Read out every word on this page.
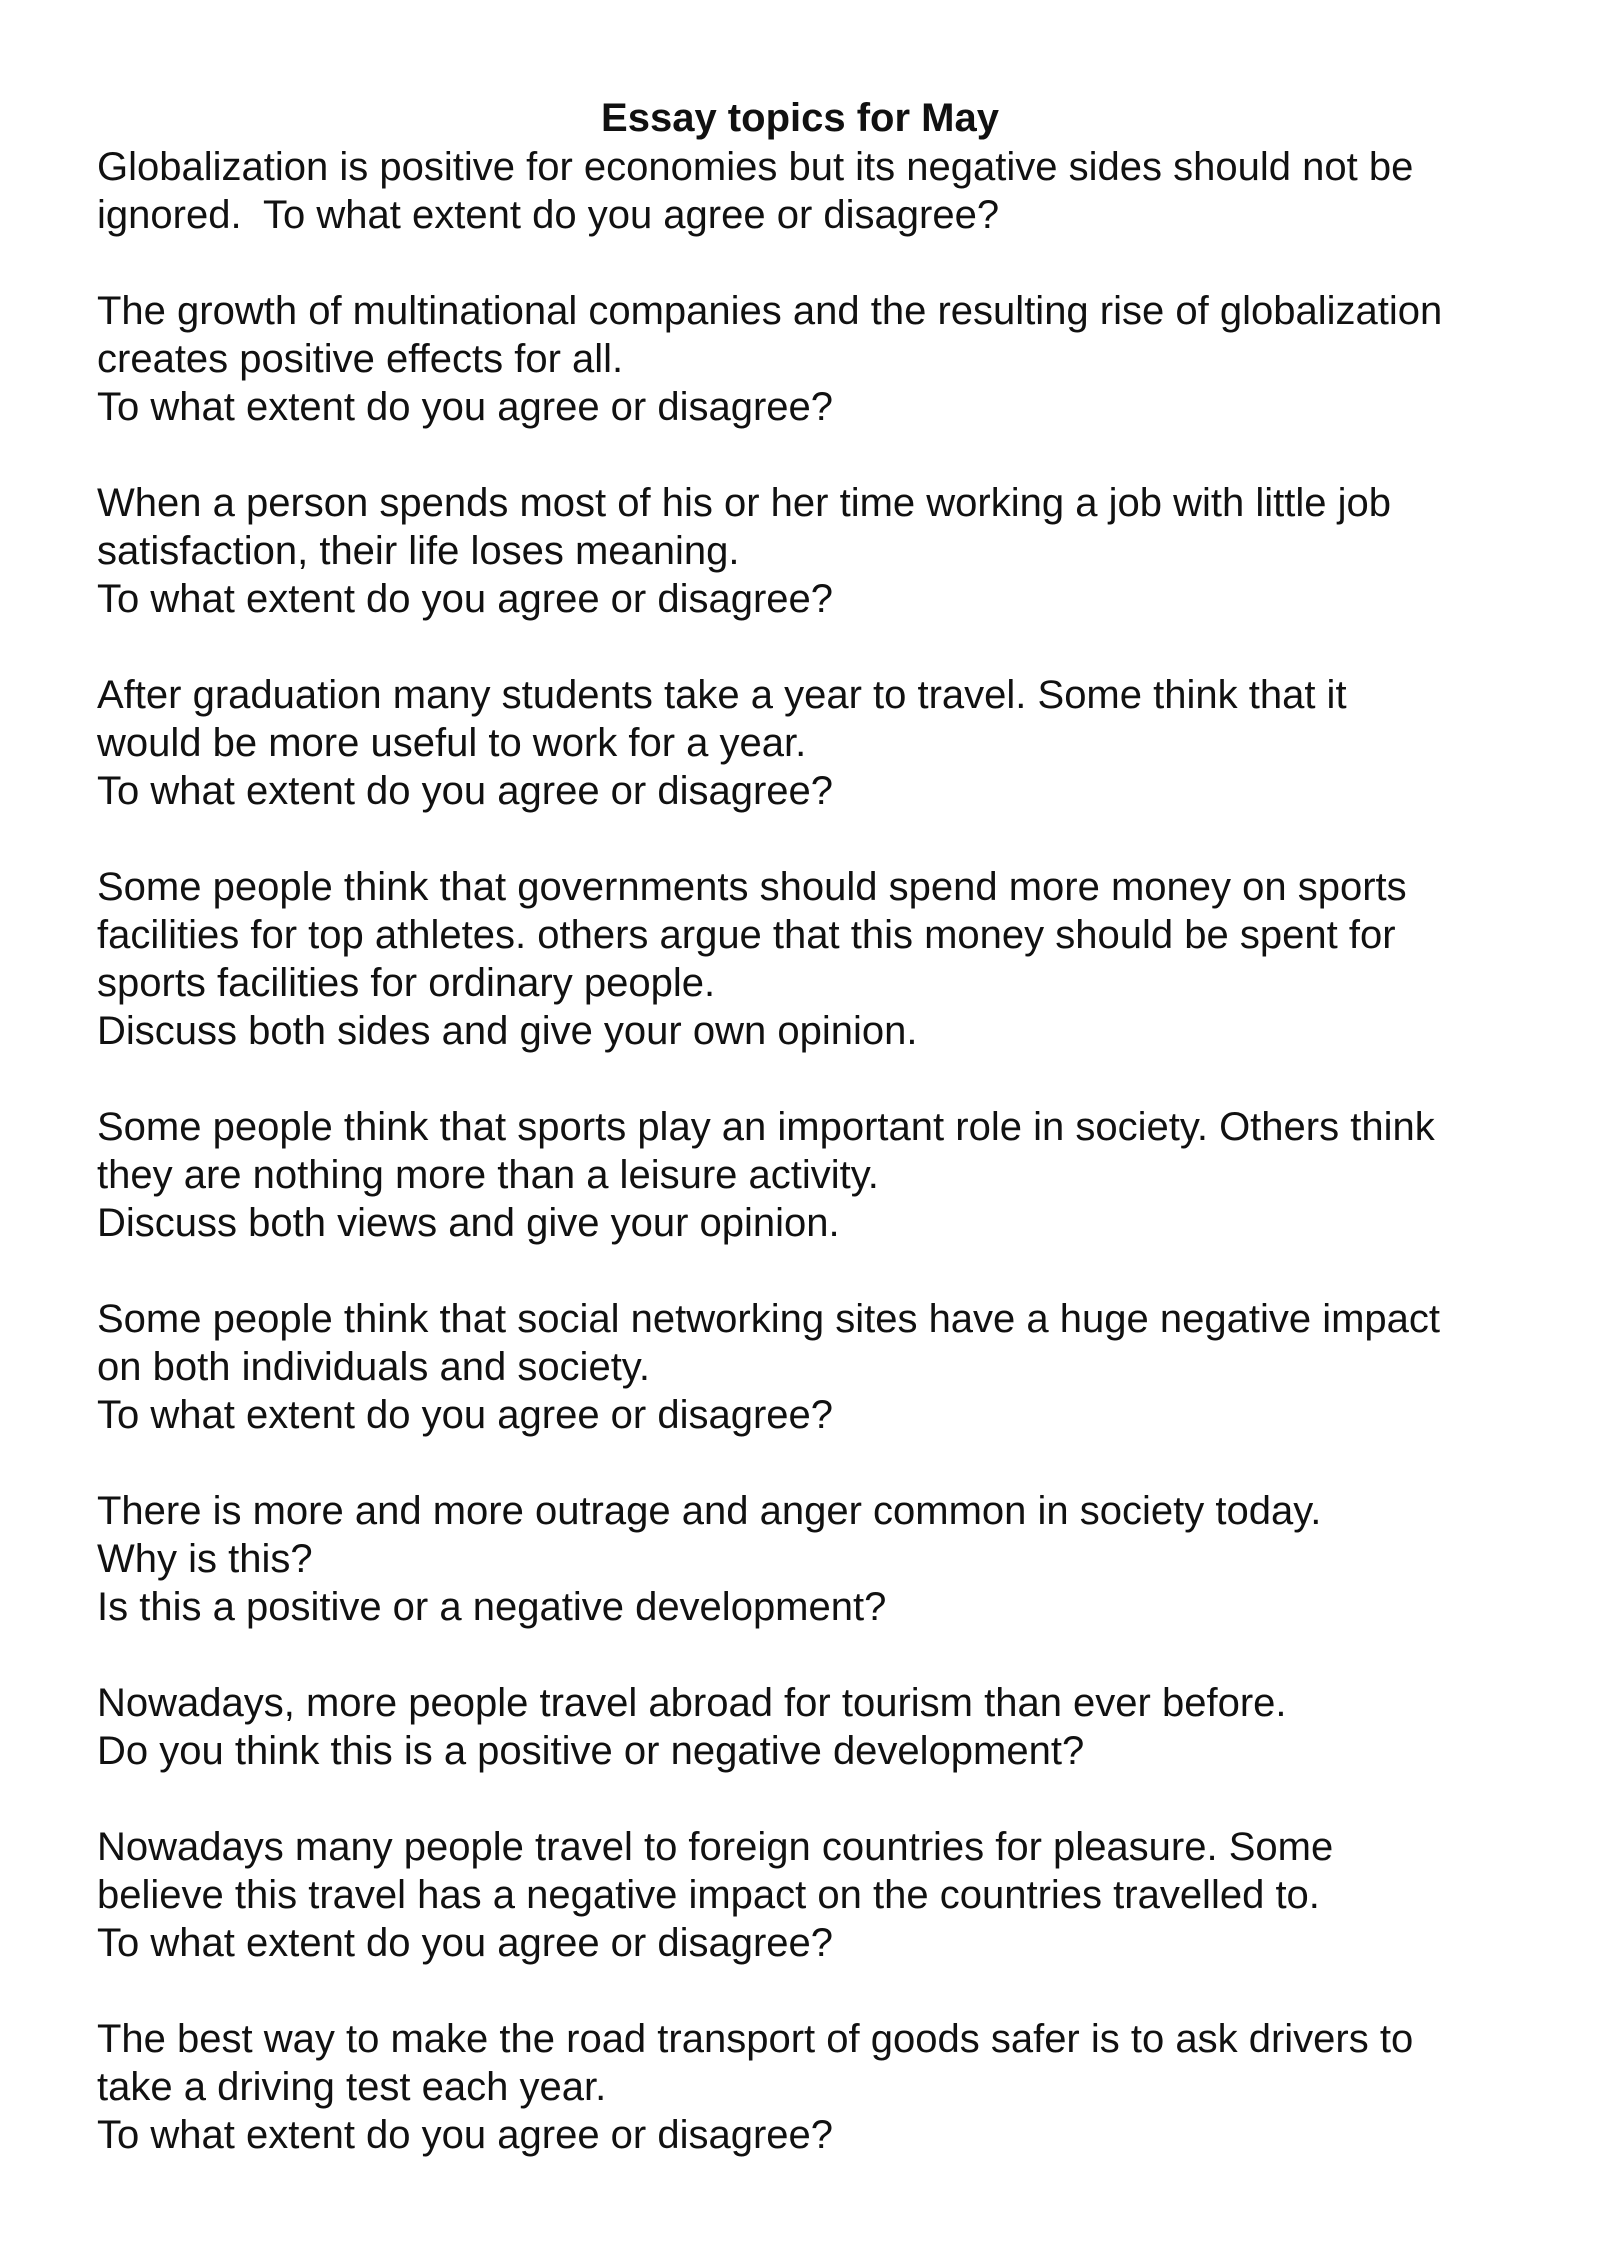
Essay topics for May
Globalization is positive for economies but its negative sides should not be
ignored.  To what extent do you agree or disagree?
The growth of multinational companies and the resulting rise of globalization
creates positive effects for all.
To what extent do you agree or disagree?
When a person spends most of his or her time working a job with little job
satisfaction, their life loses meaning.
To what extent do you agree or disagree?
After graduation many students take a year to travel. Some think that it
would be more useful to work for a year.
To what extent do you agree or disagree?
Some people think that governments should spend more money on sports
facilities for top athletes. others argue that this money should be spent for
sports facilities for ordinary people.
Discuss both sides and give your own opinion.
Some people think that sports play an important role in society. Others think
they are nothing more than a leisure activity.
Discuss both views and give your opinion.
Some people think that social networking sites have a huge negative impact
on both individuals and society.
To what extent do you agree or disagree?
There is more and more outrage and anger common in society today.
Why is this?
Is this a positive or a negative development?
Nowadays, more people travel abroad for tourism than ever before.
Do you think this is a positive or negative development?
Nowadays many people travel to foreign countries for pleasure. Some
believe this travel has a negative impact on the countries travelled to.
To what extent do you agree or disagree?
The best way to make the road transport of goods safer is to ask drivers to
take a driving test each year.
To what extent do you agree or disagree?
